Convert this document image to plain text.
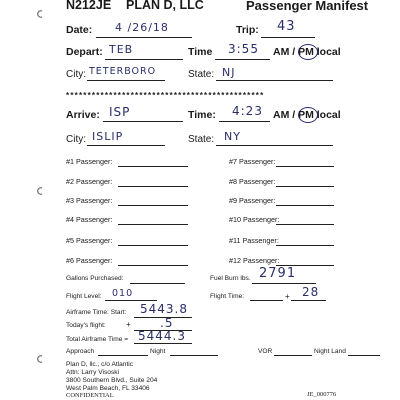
N212JE PLAN D, LLC	Passenger Manifest
Date: 4 /26/18	Trip: 43
Depart: TEB	Time 3:55 AM / PM local
City: TETERBORO	State: NJ
**********************************************
Arrive: ISP	Time: 4:23 AM / PM local
City: ISLIP	State: NY
#1 Passenger:
#2 Passenger:
#3 Passenger:
#4 Passenger:
#5 Passenger:
#6 Passenger:
#7 Passenger:
#8 Passenger:
#9 Passenger:
#10 Passenger:
#11 Passenger:
#12 Passenger:
Gallons Purchased:	Fuel Burn lbs. 2791
Flight Level: 010	Flight Time:	+ 28
Airframe Time: Start: 5443.8
Today's flight:	+ .5
Total Airframe Time = 5444.3
Approach	Night	VOR	Night Land
Plan D, llc., c/o Atlantic
Attn: Larry Visoski
3800 Southern Blvd., Suite 204
West Palm Beach, FL 33406
CONFIDENTIAL	JE_000776
